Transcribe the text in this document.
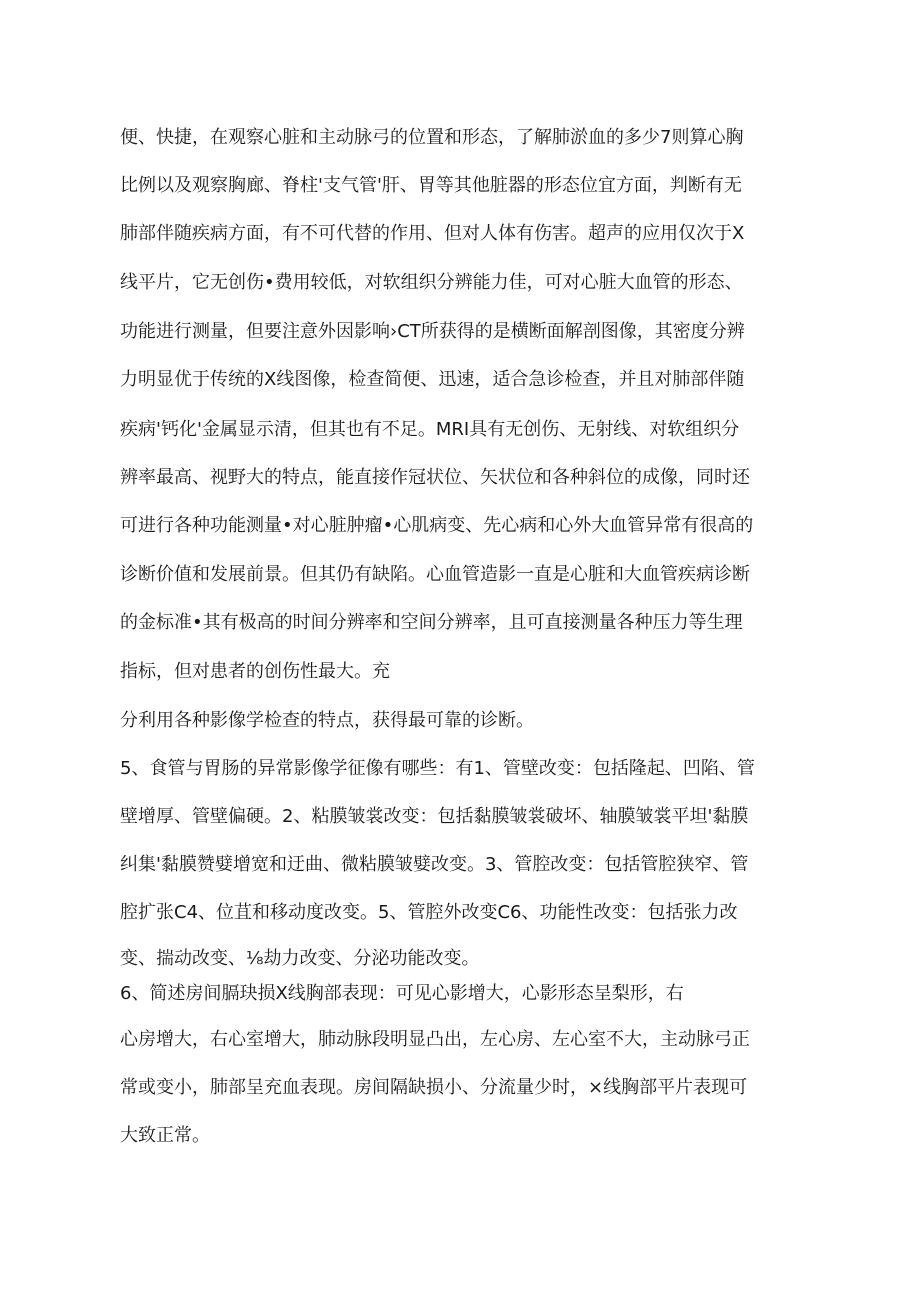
便、快捷，在观察心脏和主动脉弓的位置和形态，了解肺淤血的多少7则算心胸
比例以及观察胸廊、脊柱'支气管'肝、胃等其他脏器的形态位宜方面，判断有无
肺部伴随疾病方面，有不可代替的作用、但对人体有伤害。超声的应用仅次于X
线平片，它无创伤•费用较低，对软组织分辨能力佳，可对心脏大血管的形态、
功能进行测量，但要注意外因影响›CT所获得的是横断面解剖图像，其密度分辨
力明显优于传统的X线图像，检查简便、迅速，适合急诊检查，并且对肺部伴随
疾病'钙化'金属显示清，但其也有不足。MRI具有无创伤、无射线、对软组织分
辨率最高、视野大的特点，能直接作冠状位、矢状位和各种斜位的成像，同时还
可进行各种功能测量•对心脏肿瘤•心肌病变、先心病和心外大血管异常有很高的
诊断价值和发展前景。但其仍有缺陷。心血管造影一直是心脏和大血管疾病诊断
的金标准•其有极高的时间分辨率和空间分辨率，且可直接测量各种压力等生理
指标，但对患者的创伤性最大。充
分利用各种影像学检查的特点，获得最可靠的诊断。
5、食管与胃肠的异常影像学征像有哪些：有1、管壁改变：包括隆起、凹陷、管
壁增厚、管壁偏硬。2、粘膜皱裳改变：包括黏膜皱裳破坏、轴膜皱裳平坦'黏膜
纠集'黏膜赞嬖增宽和迂曲、微粘膜皱嬖改变。3、管腔改变：包括管腔狭窄、管
腔扩张C4、位苴和移动度改变。5、管腔外改变C6、功能性改变：包括张力改
变、揣动改变、⅛劫力改变、分泌功能改变。
6、简述房间膈玦损X线胸部表现：可见心影增大，心影形态呈梨形，右
心房增大，右心室增大，肺动脉段明显凸出，左心房、左心室不大，主动脉弓正
常或变小，肺部呈充血表现。房间隔缺损小、分流量少时，×线胸部平片表现可
大致正常。
